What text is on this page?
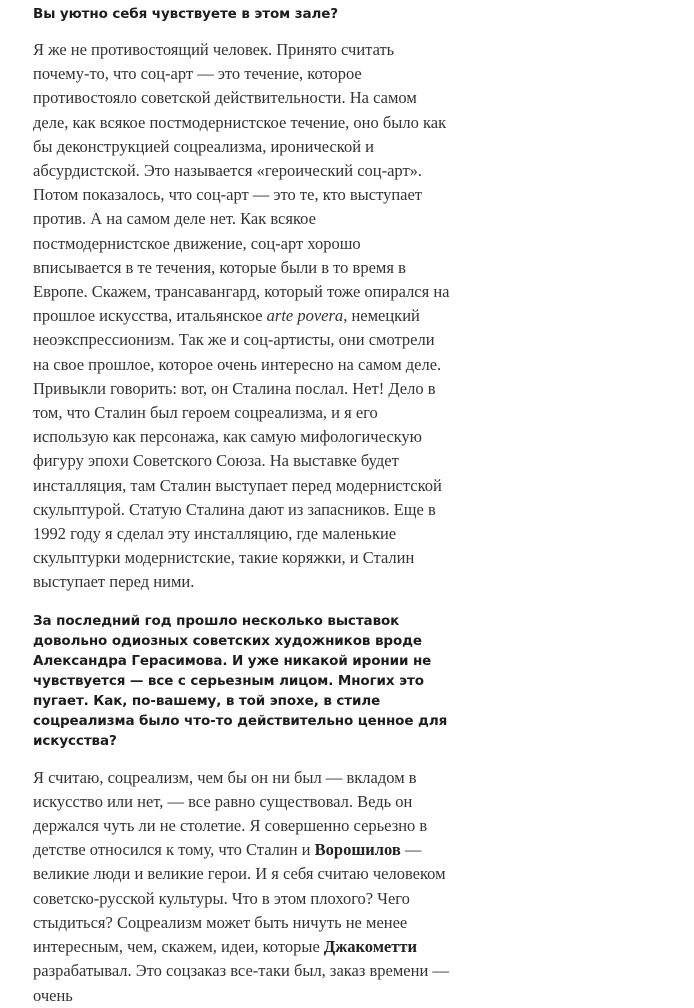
Вы уютно себя чувствуете в этом зале?

Я же не противостоящий человек. Принято считать почему-то, что соц-арт — это течение, которое противостояло советской действительности. На самом деле, как всякое постмодернистское течение, оно было как бы деконструкцией соцреализма, иронической и абсурдистской. Это называется «героический соц-арт». Потом показалось, что соц-арт — это те, кто выступает против. А на самом деле нет. Как всякое постмодернистское движение, соц-арт хорошо вписывается в те течения, которые были в то время в Европе. Скажем, трансавангард, который тоже опирался на прошлое искусства, итальянское arte povera, немецкий неоэкспрессионизм. Так же и соц-артисты, они смотрели на свое прошлое, которое очень интересно на самом деле. Привыкли говорить: вот, он Сталина послал. Нет! Дело в том, что Сталин был героем соцреализма, и я его использую как персонажа, как самую мифологическую фигуру эпохи Советского Союза. На выставке будет инсталляция, там Сталин выступает перед модернистской скульптурой. Статую Сталина дают из запасников. Еще в 1992 году я сделал эту инсталляцию, где маленькие скульптурки модернистские, такие коряжки, и Сталин выступает перед ними.

За последний год прошло несколько выставок довольно одиозных советских художников вроде Александра Герасимова. И уже никакой иронии не чувствуется — все с серьезным лицом. Многих это пугает. Как, по-вашему, в той эпохе, в стиле соцреализма было что-то действительно ценное для искусства?

Я считаю, соцреализм, чем бы он ни был — вкладом в искусство или нет, — все равно существовал. Ведь он держался чуть ли не столетие. Я совершенно серьезно в детстве относился к тому, что Сталин и Ворошилов — великие люди и великие герои. И я себя считаю человеком советско-русской культуры. Что в этом плохого? Чего стыдиться? Соцреализм может быть ничуть не менее интересным, чем, скажем, идеи, которые Джакометти разрабатывал. Это соцзаказ все-таки был, заказ времени — очень
